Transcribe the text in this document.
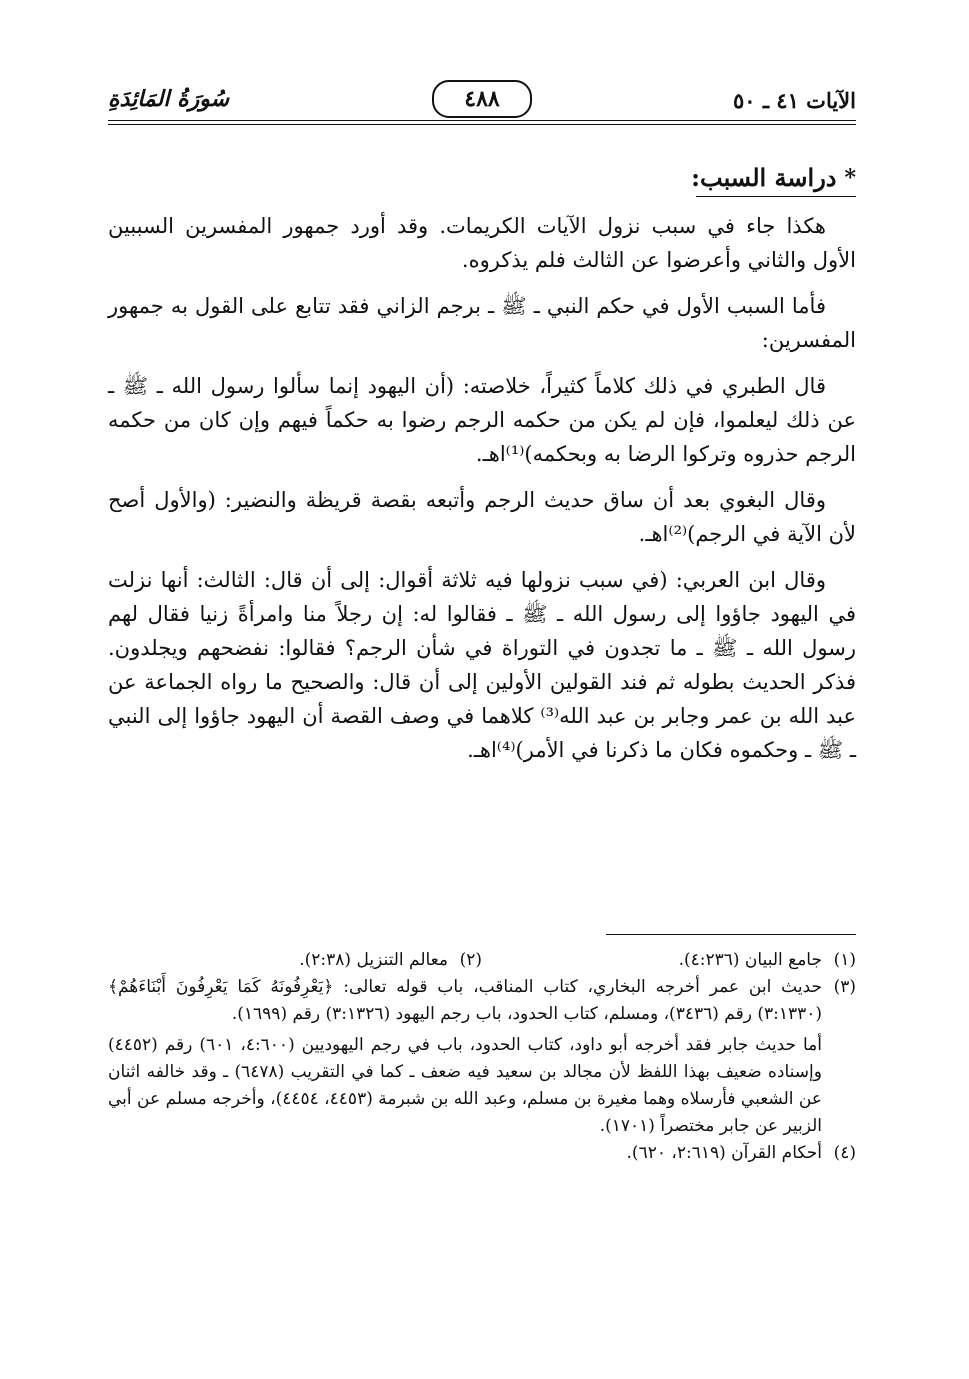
الآيات ٤١ ـ ٥٠
٤٨٨
سُورَةُ المَائِدَةِ
*
دراسة السبب:

هكذا جاء في سبب نزول الآيات الكريمات. وقد أورد جمهور المفسرين السببين الأول والثاني وأعرضوا عن الثالث فلم يذكروه.

فأما السبب الأول في حكم النبي ـ ﷺ ـ برجم الزاني فقد تتابع على القول به جمهور المفسرين:

قال الطبري في ذلك كلاماً كثيراً، خلاصته: (أن اليهود إنما سألوا رسول الله ـ ﷺ ـ عن ذلك ليعلموا، فإن لم يكن من حكمه الرجم رضوا به حكماً فيهم وإن كان من حكمه الرجم حذروه وتركوا الرضا به وبحكمه)⁽¹⁾اهـ.

وقال البغوي بعد أن ساق حديث الرجم وأتبعه بقصة قريظة والنضير: (والأول أصح لأن الآية في الرجم)⁽²⁾اهـ.

وقال ابن العربي: (في سبب نزولها فيه ثلاثة أقوال: إلى أن قال: الثالث: أنها نزلت في اليهود جاؤوا إلى رسول الله ـ ﷺ ـ فقالوا له: إن رجلاً منا وامرأةً زنيا فقال لهم رسول الله ـ ﷺ ـ ما تجدون في التوراة في شأن الرجم؟ فقالوا: نفضحهم ويجلدون. فذكر الحديث بطوله ثم فند القولين الأولين إلى أن قال: والصحيح ما رواه الجماعة عن عبد الله بن عمر وجابر بن عبد الله⁽³⁾ كلاهما في وصف القصة أن اليهود جاؤوا إلى النبي ـ ﷺ ـ وحكموه فكان ما ذكرنا في الأمر)⁽⁴⁾اهـ.

(١)
جامع البيان (٤:٢٣٦).
(٢)
معالم التنزيل (٢:٣٨).
(٣)
حديث ابن عمر أخرجه البخاري، كتاب المناقب، باب قوله تعالى: ﴿يَعْرِفُونَهُ كَمَا يَعْرِفُونَ أَبْنَاءَهُمْ﴾ (٣:١٣٣٠) رقم (٣٤٣٦)، ومسلم، كتاب الحدود، باب رجم اليهود (٣:١٣٢٦) رقم (١٦٩٩).
أما حديث جابر فقد أخرجه أبو داود، كتاب الحدود، باب في رجم اليهوديين (٤:٦٠٠، ٦٠١) رقم (٤٤٥٢) وإسناده ضعيف بهذا اللفظ لأن مجالد بن سعيد فيه ضعف ـ كما في التقريب (٦٤٧٨) ـ وقد خالفه اثنان عن الشعبي فأرسلاه وهما مغيرة بن مسلم، وعبد الله بن شبرمة (٤٤٥٣، ٤٤٥٤)، وأخرجه مسلم عن أبي الزبير عن جابر مختصراً (١٧٠١).
(٤)
أحكام القرآن (٢:٦١٩، ٦٢٠).
